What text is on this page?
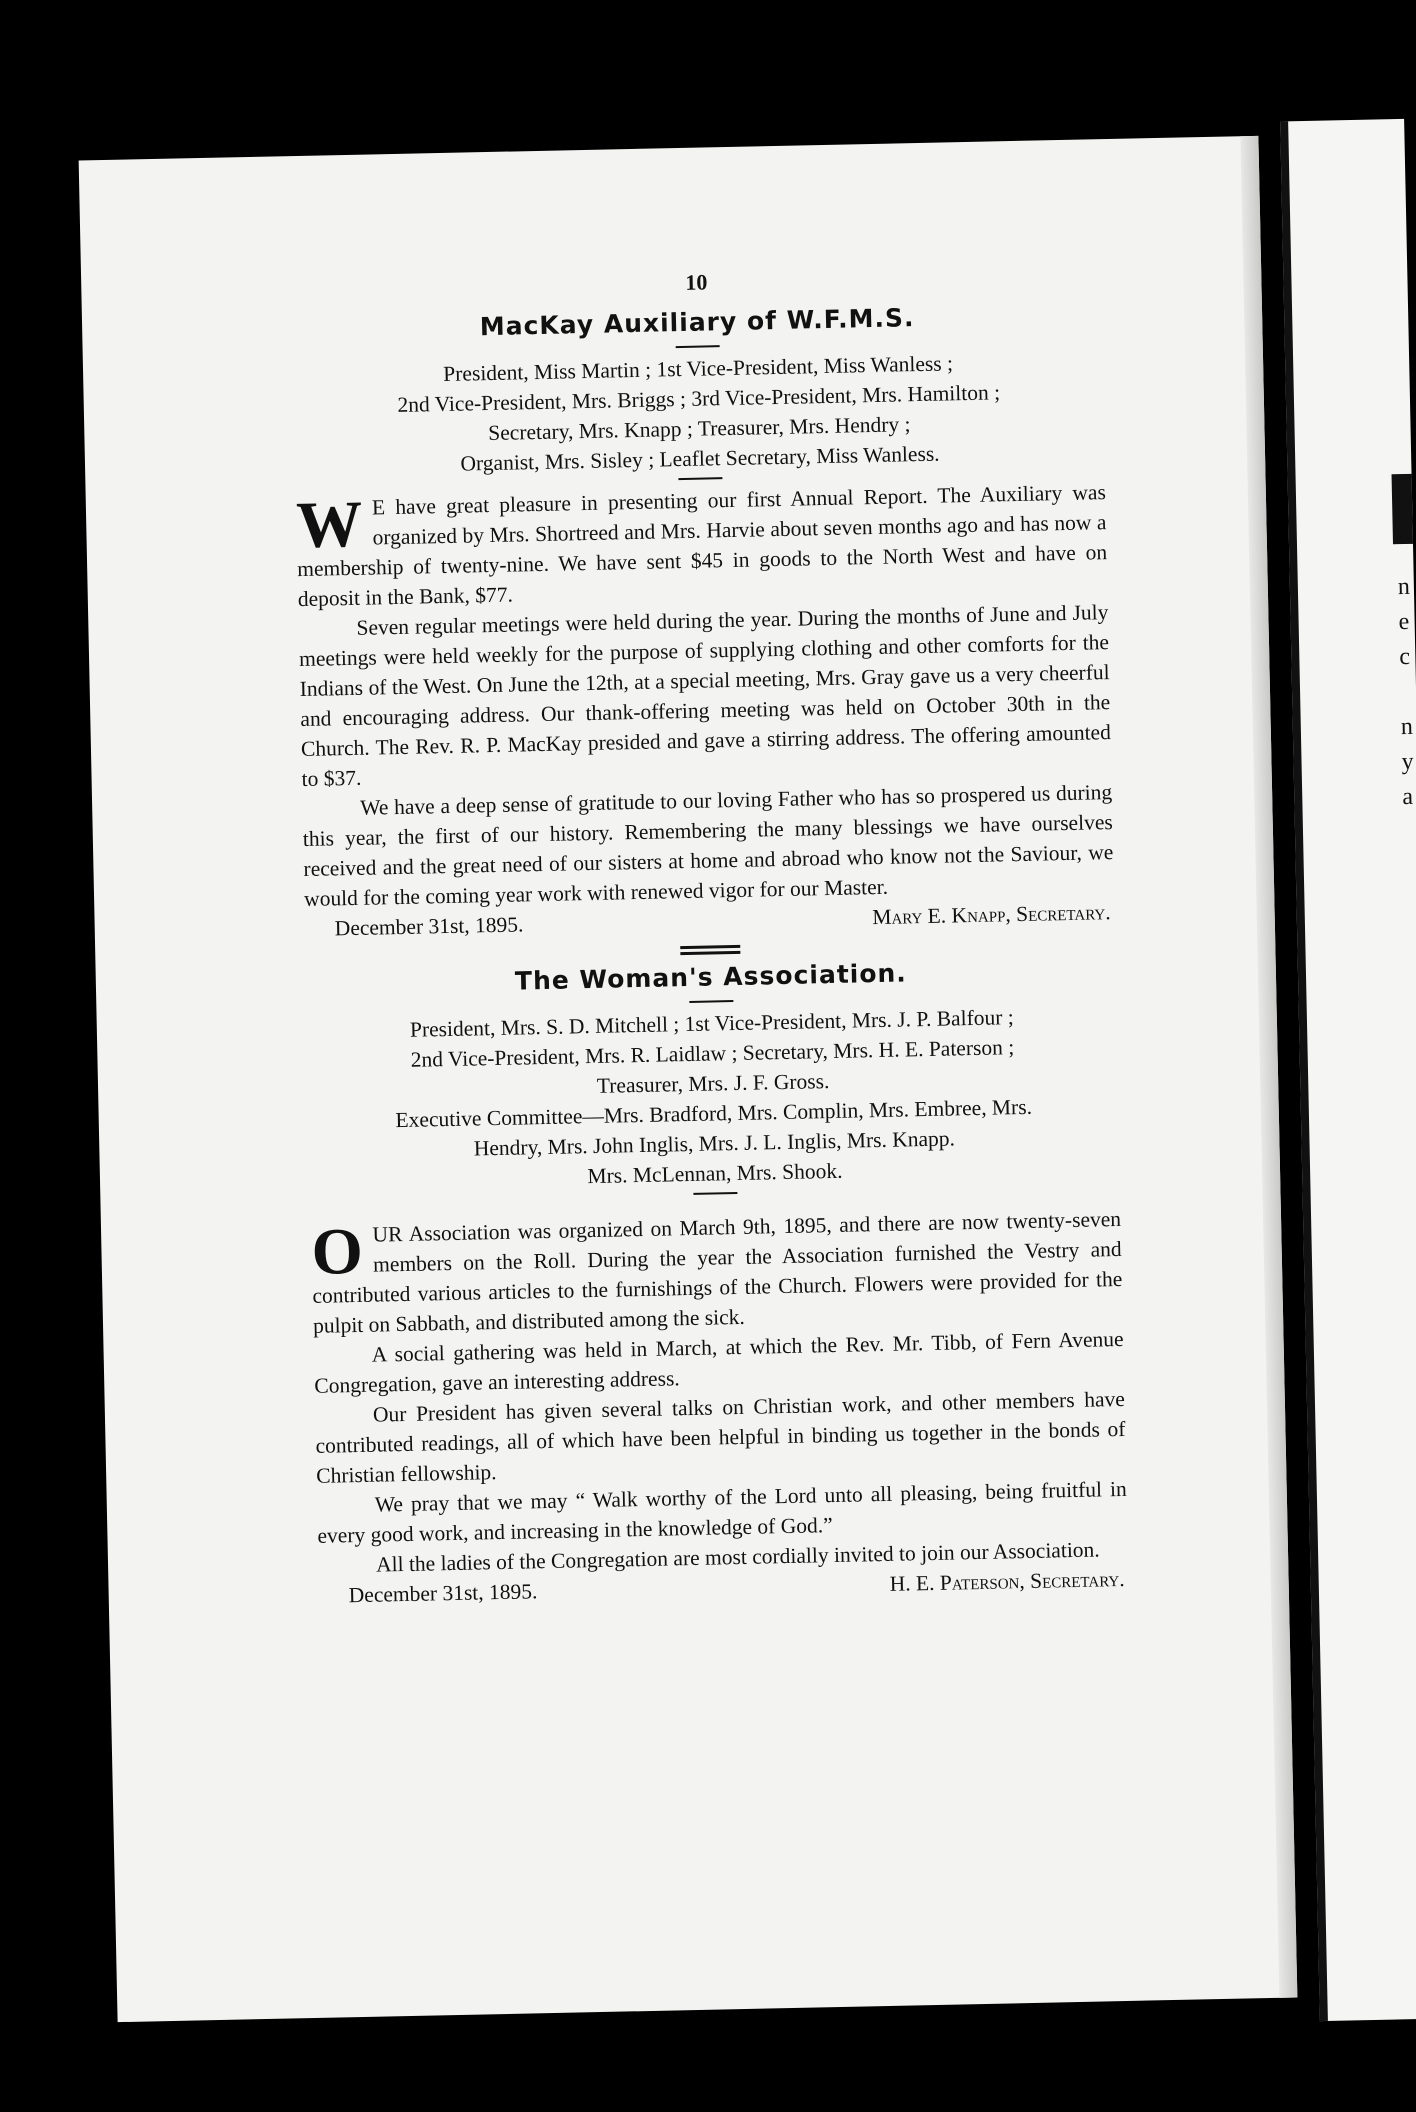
10
MacKay Auxiliary of W.F.M.S.
President, Miss Martin ; 1st Vice-President, Miss Wanless ;
2nd Vice-President, Mrs. Briggs ; 3rd Vice-President, Mrs. Hamilton ;
Secretary, Mrs. Knapp ; Treasurer, Mrs. Hendry ;
Organist, Mrs. Sisley ; Leaflet Secretary, Miss Wanless.

W E have great pleasure in presenting our first Annual Report. The Auxiliary was organized by Mrs. Shortreed and Mrs. Harvie about seven months ago and has now a membership of twenty-nine. We have sent $45 in goods to the North West and have on deposit in the Bank, $77.

Seven regular meetings were held during the year. During the months of June and July meetings were held weekly for the purpose of supplying clothing and other comforts for the Indians of the West. On June the 12th, at a special meeting, Mrs. Gray gave us a very cheerful and encouraging address. Our thank-offering meeting was held on October 30th in the Church. The Rev. R. P. MacKay presided and gave a stirring address. The offering amounted to $37.

We have a deep sense of gratitude to our loving Father who has so prospered us during this year, the first of our history. Remembering the many blessings we have ourselves received and the great need of our sisters at home and abroad who know not the Saviour, we would for the coming year work with renewed vigor for our Master.

December 31st, 1895.	Mary E. Knapp, Secretary.
The Woman's Association.
President, Mrs. S. D. Mitchell ; 1st Vice-President, Mrs. J. P. Balfour ;
2nd Vice-President, Mrs. R. Laidlaw ; Secretary, Mrs. H. E. Paterson ;
Treasurer, Mrs. J. F. Gross.
Executive Committee—Mrs. Bradford, Mrs. Complin, Mrs. Embree, Mrs.
Hendry, Mrs. John Inglis, Mrs. J. L. Inglis, Mrs. Knapp.
Mrs. McLennan, Mrs. Shook.

OUR Association was organized on March 9th, 1895, and there are now twenty-seven members on the Roll. During the year the Association furnished the Vestry and contributed various articles to the furnishings of the Church. Flowers were provided for the pulpit on Sabbath, and distributed among the sick.

A social gathering was held in March, at which the Rev. Mr. Tibb, of Fern Avenue Congregation, gave an interesting address.

Our President has given several talks on Christian work, and other members have contributed readings, all of which have been helpful in binding us together in the bonds of Christian fellowship.

We pray that we may “ Walk worthy of the Lord unto all pleasing, being fruitful in every good work, and increasing in the knowledge of God.”

All the ladies of the Congregation are most cordially invited to join our Association.

December 31st, 1895.	H. E. Paterson, Secretary.
n
e
c
n
y
a
